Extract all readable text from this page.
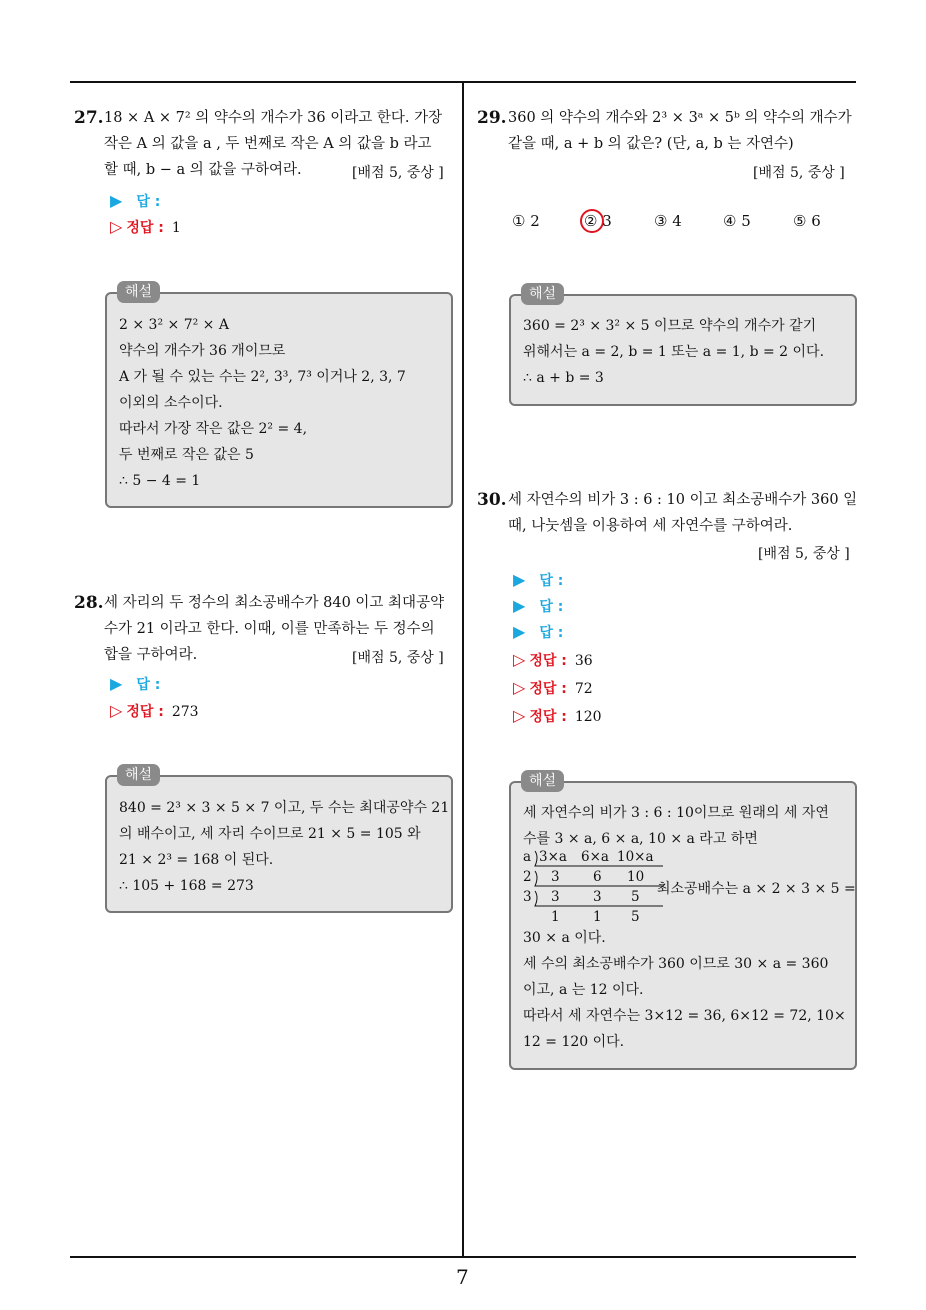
7
27. 18 × A × 7² 의 약수의 개수가 36 이라고 한다. 가장
작은 A 의 값을 a , 두 번째로 작은 A 의 값을 b 라고
할 때, b − a 의 값을 구하여라.	[배점 5, 중상 ]
▶ 답 :
▷ 정답 : 1
2 × 3² × 7² × A
약수의 개수가 36 개이므로
A 가 될 수 있는 수는 2², 3³, 7³ 이거나 2, 3, 7
이외의 소수이다.
따라서 가장 작은 값은 2² = 4,
두 번째로 작은 값은 5
∴ 5 − 4 = 1
해설
28. 세 자리의 두 정수의 최소공배수가 840 이고 최대공약
수가 21 이라고 한다. 이때, 이를 만족하는 두 정수의
합을 구하여라.	[배점 5, 중상 ]
▶ 답 :
▷ 정답 : 273
840 = 2³ × 3 × 5 × 7 이고, 두 수는 최대공약수 21
의 배수이고, 세 자리 수이므로 21 × 5 = 105 와
21 × 2³ = 168 이 된다.
∴ 105 + 168 = 273
해설
29. 360 의 약수의 개수와 2³ × 3ᵃ × 5ᵇ 의 약수의 개수가
같을 때, a + b 의 값은? (단, a, b 는 자연수)
[배점 5, 중상 ]
① 2	② 3	③ 4	④ 5	⑤ 6
360 = 2³ × 3² × 5 이므로 약수의 개수가 같기
위해서는 a = 2, b = 1 또는 a = 1, b = 2 이다.
∴ a + b = 3
해설
30. 세 자연수의 비가 3 : 6 : 10 이고 최소공배수가 360 일
때, 나눗셈을 이용하여 세 자연수를 구하여라.
[배점 5, 중상 ]
▶ 답 :
▶ 답 :
▶ 답 :
▷ 정답 : 36
▷ 정답 : 72
▷ 정답 : 120
세 자연수의 비가 3 : 6 : 10이므로 원래의 세 자연
수를 3 × a, 6 × a, 10 × a 라고 하면
a 3×a 6×a 10×a
2 3 6 10
3 3 3 5
1 1 5
최소공배수는 a × 2 × 3 × 5 =
30 × a 이다.
세 수의 최소공배수가 360 이므로 30 × a = 360
이고, a 는 12 이다.
따라서 세 자연수는 3×12 = 36, 6×12 = 72, 10×
12 = 120 이다.
해설
